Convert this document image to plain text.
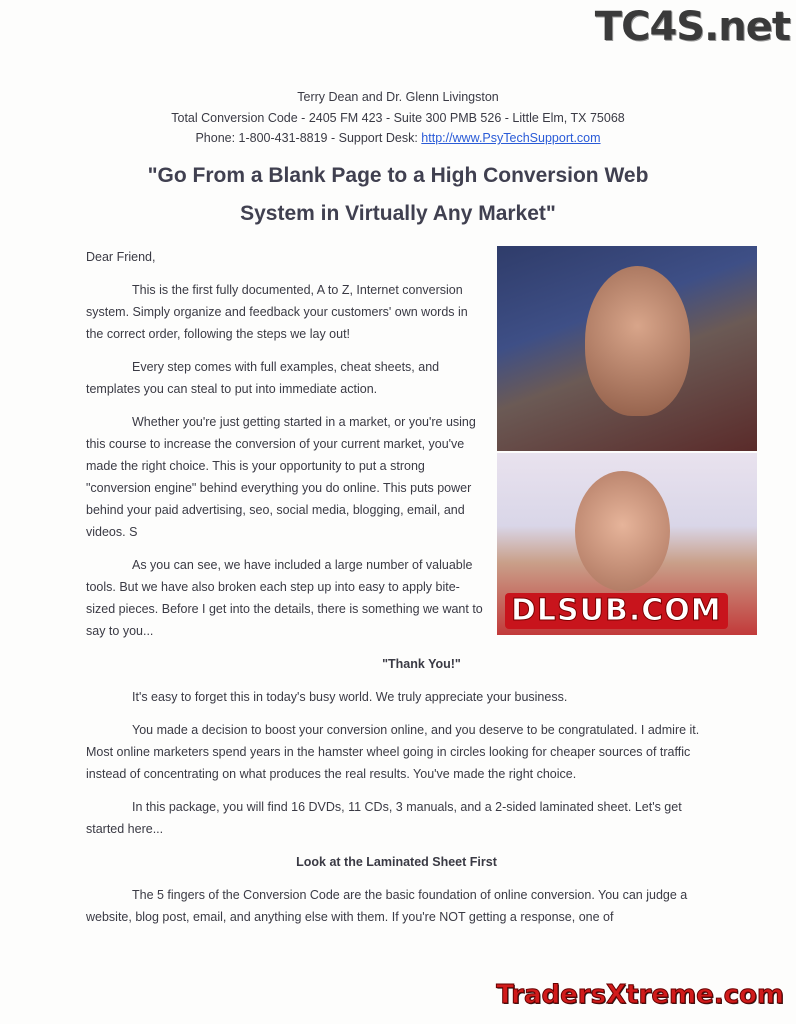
TC4S.net
Terry Dean and Dr. Glenn Livingston
Total Conversion Code - 2405 FM 423 - Suite 300 PMB 526 - Little Elm, TX 75068
Phone: 1-800-431-8819 - Support Desk: http://www.PsyTechSupport.com
"Go From a Blank Page to a High Conversion Web
System in Virtually Any Market"
DLSUB.COM

Dear Friend,

This is the first fully documented, A to Z, Internet conversion system. Simply organize and feedback your customers' own words in the correct order, following the steps we lay out!

Every step comes with full examples, cheat sheets, and templates you can steal to put into immediate action.

Whether you're just getting started in a market, or you're using this course to increase the conversion of your current market, you've made the right choice. This is your opportunity to put a strong "conversion engine" behind everything you do online. This puts power behind your paid advertising, seo, social media, blogging, email, and videos. S

As you can see, we have included a large number of valuable tools. But we have also broken each step up into easy to apply bite-sized pieces. Before I get into the details, there is something we want to say to you...

"Thank You!"

It's easy to forget this in today's busy world. We truly appreciate your business.

You made a decision to boost your conversion online, and you deserve to be congratulated. I admire it. Most online marketers spend years in the hamster wheel going in circles looking for cheaper sources of traffic instead of concentrating on what produces the real results. You've made the right choice.

In this package, you will find 16 DVDs, 11 CDs, 3 manuals, and a 2-sided laminated sheet. Let's get started here...

Look at the Laminated Sheet First

The 5 fingers of the Conversion Code are the basic foundation of online conversion. You can judge a website, blog post, email, and anything else with them. If you're NOT getting a response, one of

TradersXtreme.com
